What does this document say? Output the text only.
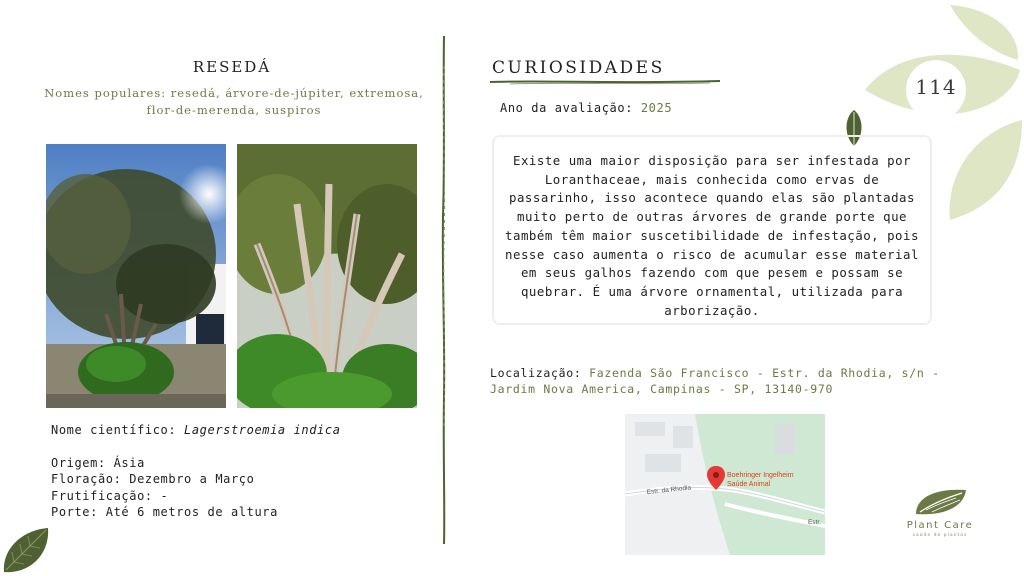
114
RESEDÁ
Nomes populares: resedá, árvore-de-júpiter, extremosa, flor-de-merenda, suspiros
Nome científico: Lagerstroemia indica
Origem: Ásia
Floração: Dezembro a Março
Frutificação: -
Porte: Até 6 metros de altura
CURIOSIDADES
Ano da avaliação: 2025
Existe uma maior disposição para ser infestada por Loranthaceae, mais conhecida como ervas de passarinho, isso acontece quando elas são plantadas muito perto de outras árvores de grande porte que também têm maior suscetibilidade de infestação, pois nesse caso aumenta o risco de acumular esse material em seus galhos fazendo com que pesem e possam se quebrar. É uma árvore ornamental, utilizada para arborização.
Localização: Fazenda São Francisco - Estr. da Rhodia, s/n - Jardim Nova America, Campinas - SP, 13140-970
Boehringer Ingelheim
Saúde Animal
Estr. da Rhodia
Estr.	Plant Care
saúde de plantas
